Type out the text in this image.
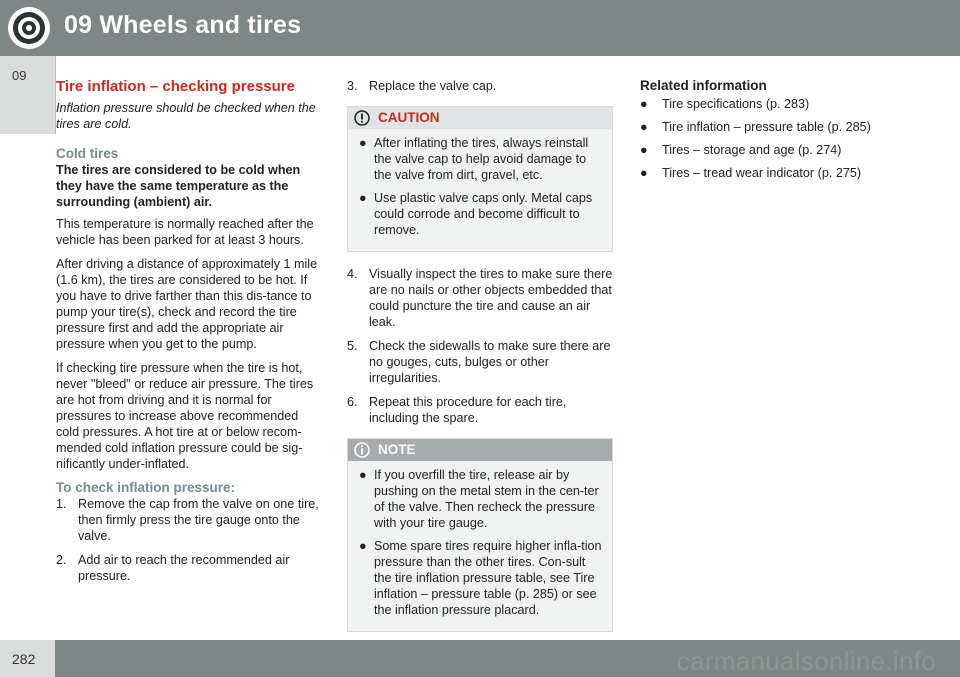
09 Wheels and tires
09
Tire inflation – checking pressure
Inflation pressure should be checked when the tires are cold.
Cold tires
The tires are considered to be cold when they have the same temperature as the surrounding (ambient) air.

This temperature is normally reached after the vehicle has been parked for at least 3 hours.

After driving a distance of approximately 1 mile (1.6 km), the tires are considered to be hot. If you have to drive farther than this dis-tance to pump your tire(s), check and record the tire pressure first and add the appropriate air pressure when you get to the pump.

If checking tire pressure when the tire is hot, never "bleed" or reduce air pressure. The tires are hot from driving and it is normal for pressures to increase above recommended cold pressures. A hot tire at or below recom-mended cold inflation pressure could be sig-nificantly under-inflated.

To check inflation pressure:
1. Remove the cap from the valve on one tire, then firmly press the tire gauge onto the valve.
2. Add air to reach the recommended air pressure.
3. Replace the valve cap.
CAUTION
● After inflating the tires, always reinstall the valve cap to help avoid damage to the valve from dirt, gravel, etc.
● Use plastic valve caps only. Metal caps could corrode and become difficult to remove.
4. Visually inspect the tires to make sure there are no nails or other objects embedded that could puncture the tire and cause an air leak.
5. Check the sidewalls to make sure there are no gouges, cuts, bulges or other irregularities.
6. Repeat this procedure for each tire, including the spare.
NOTE
● If you overfill the tire, release air by pushing on the metal stem in the cen-ter of the valve. Then recheck the pressure with your tire gauge.
● Some spare tires require higher infla-tion pressure than the other tires. Con-sult the tire inflation pressure table, see Tire inflation – pressure table (p. 285) or see the inflation pressure placard.
Related information
● Tire specifications (p. 283)
● Tire inflation – pressure table (p. 285)
● Tires – storage and age (p. 274)
● Tires – tread wear indicator (p. 275)
282	carmanualsonline.info
